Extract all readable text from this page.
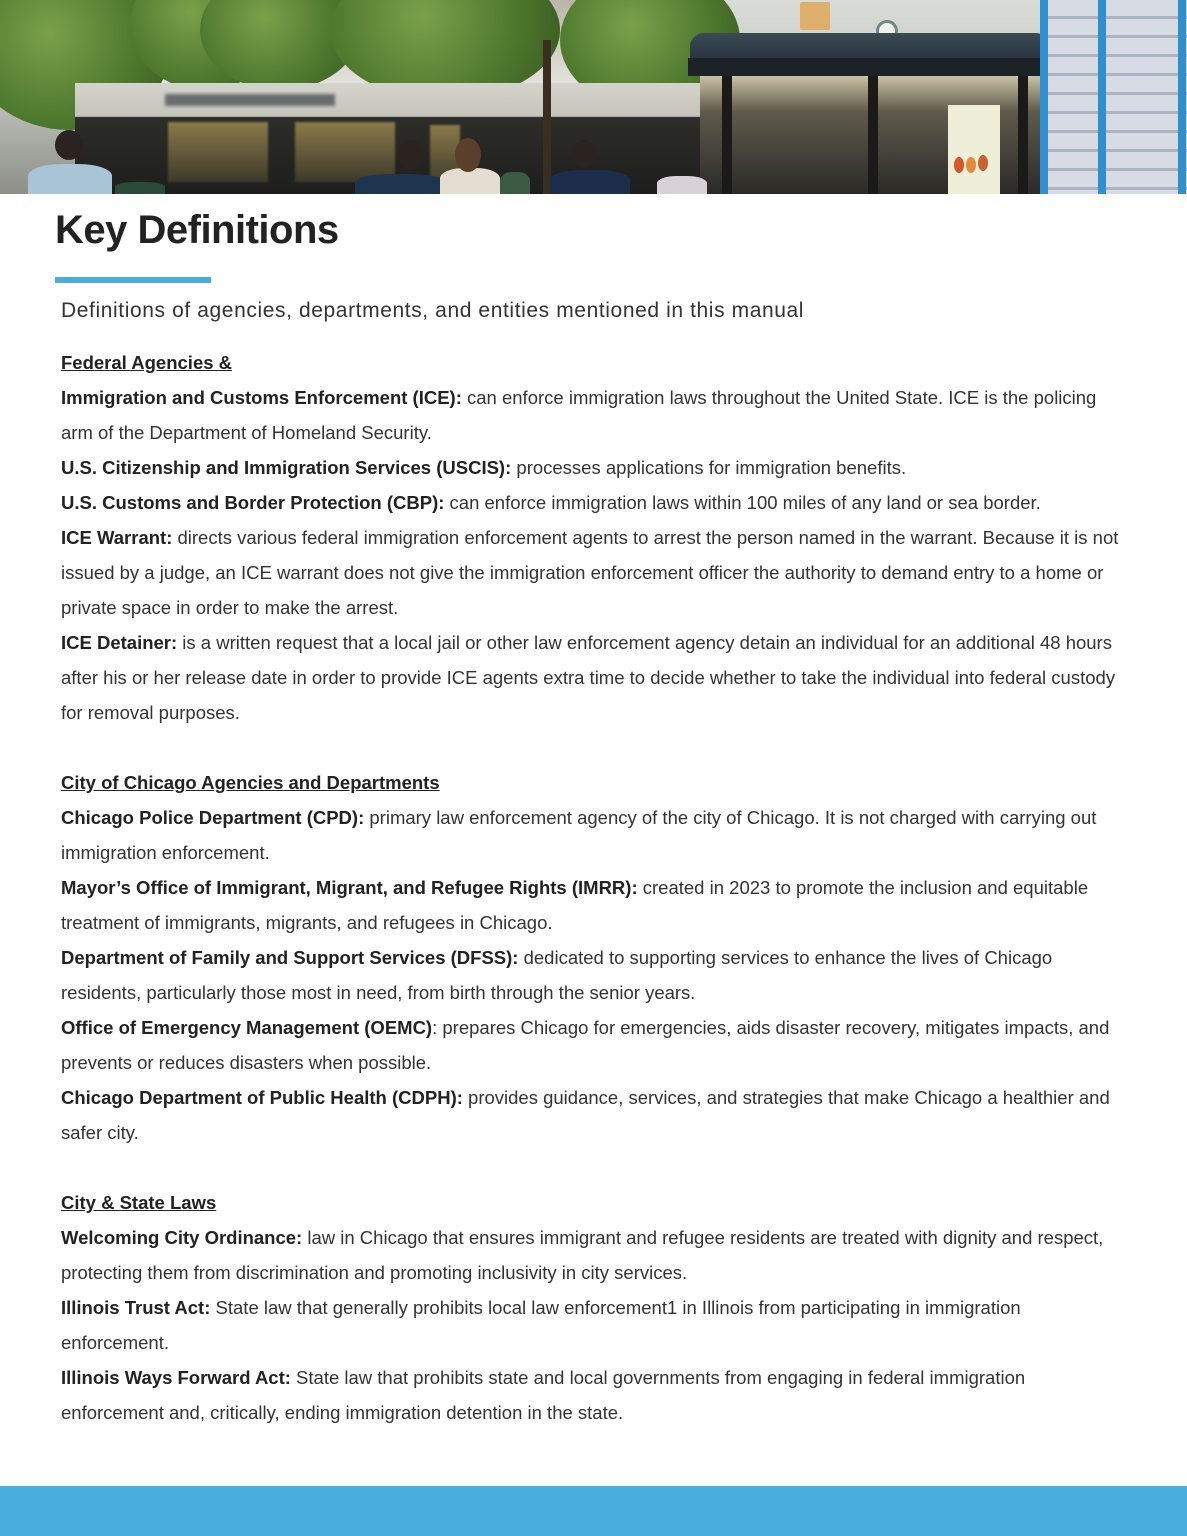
Key Definitions
Definitions of agencies, departments, and entities mentioned in this manual
Federal Agencies &
Immigration and Customs Enforcement (ICE): can enforce immigration laws throughout the United State. ICE is the policing arm of the Department of Homeland Security.
U.S. Citizenship and Immigration Services (USCIS): processes applications for immigration benefits.
U.S. Customs and Border Protection (CBP): can enforce immigration laws within 100 miles of any land or sea border.
ICE Warrant: directs various federal immigration enforcement agents to arrest the person named in the warrant. Because it is not issued by a judge, an ICE warrant does not give the immigration enforcement officer the authority to demand entry to a home or private space in order to make the arrest.
ICE Detainer: is a written request that a local jail or other law enforcement agency detain an individual for an additional 48 hours after his or her release date in order to provide ICE agents extra time to decide whether to take the individual into federal custody for removal purposes.
City of Chicago Agencies and Departments
Chicago Police Department (CPD): primary law enforcement agency of the city of Chicago. It is not charged with carrying out immigration enforcement.
Mayor’s Office of Immigrant, Migrant, and Refugee Rights (IMRR): created in 2023 to promote the inclusion and equitable treatment of immigrants, migrants, and refugees in Chicago.
Department of Family and Support Services (DFSS): dedicated to supporting services to enhance the lives of Chicago residents, particularly those most in need, from birth through the senior years.
Office of Emergency Management (OEMC): prepares Chicago for emergencies, aids disaster recovery, mitigates impacts, and prevents or reduces disasters when possible.
Chicago Department of Public Health (CDPH): provides guidance, services, and strategies that make Chicago a healthier and safer city.
City & State Laws
Welcoming City Ordinance: law in Chicago that ensures immigrant and refugee residents are treated with dignity and respect, protecting them from discrimination and promoting inclusivity in city services.
Illinois Trust Act: State law that generally prohibits local law enforcement1 in Illinois from participating in immigration enforcement.
Illinois Ways Forward Act: State law that prohibits state and local governments from engaging in federal immigration enforcement and, critically, ending immigration detention in the state.
